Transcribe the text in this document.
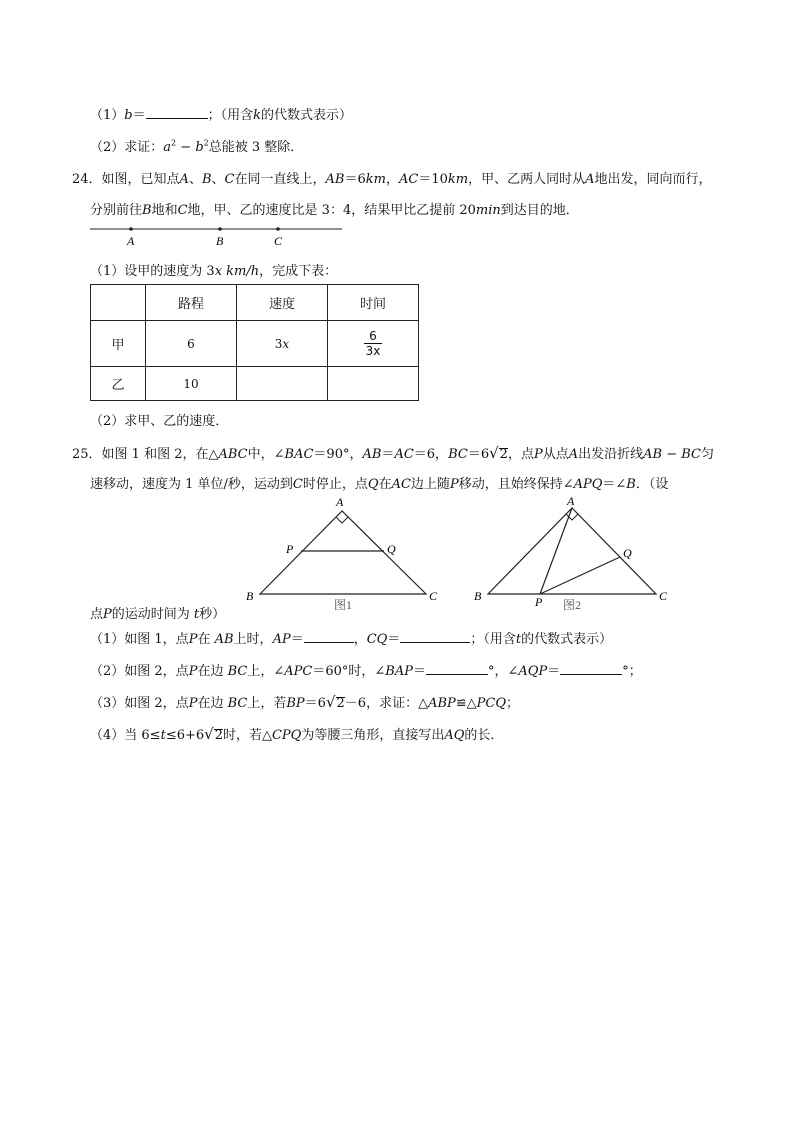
（1）b＝	；（用含k的代数式表示）
（2）求证：$a^2 - b^2$总能被 3 整除．
24．如图，已知点A、B、C在同一直线上，AB＝6km，AC＝10km，甲、乙两人同时从A地出发，同向而行，
分别前往B地和C地，甲、乙的速度比是 3：4，结果甲比乙提前 20min到达目的地．
A	B	C
（1）设甲的速度为 3x km/h，完成下表：
	路程	速度	时间
甲	6	3x	$\frac{6}{3x}$

乙	10		
（2）求甲、乙的速度．
25．如图 1 和图 2，在△ABC中，∠BAC＝90°，AB＝AC＝6，BC＝6√2，点P从点A出发沿折线AB − BC匀
速移动，速度为 1 单位/秒，运动到C时停止，点Q在AC边上随P移动，且始终保持∠APQ＝∠B．（设
A
B	C
P	Q
图1
A
B	C
P
Q
图2
点P的运动时间为 t秒）
（1）如图 1，点P在 AB上时，AP＝	，CQ＝	；（用含t的代数式表示）
（2）如图 2，点P在边 BC上，∠APC＝60°时，∠BAP＝	°，∠AQP＝	°；
（3）如图 2，点P在边 BC上，若BP＝6√2－6，求证：△ABP≌△PCQ；
（4）当 6≤t≤6+6√2时，若△CPQ为等腰三角形，直接写出AQ的长．
